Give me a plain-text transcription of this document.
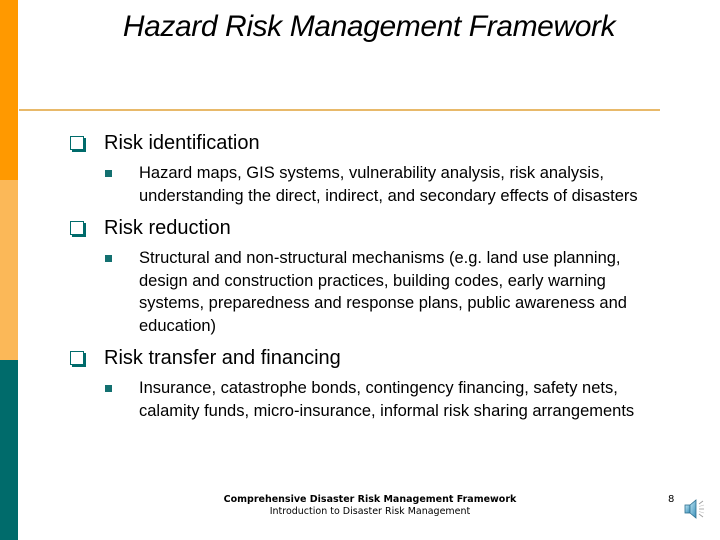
Hazard Risk Management Framework
Risk identification
Hazard maps, GIS systems, vulnerability analysis, risk analysis, understanding the direct, indirect, and secondary effects of disasters
Risk reduction
Structural and non-structural mechanisms (e.g. land use planning, design and construction practices, building codes, early warning systems, preparedness and response plans, public awareness and education)
Risk transfer and financing
Insurance, catastrophe bonds, contingency financing, safety nets, calamity funds, micro-insurance, informal risk sharing arrangements
Comprehensive Disaster Risk Management Framework
Introduction to Disaster Risk Management
8
